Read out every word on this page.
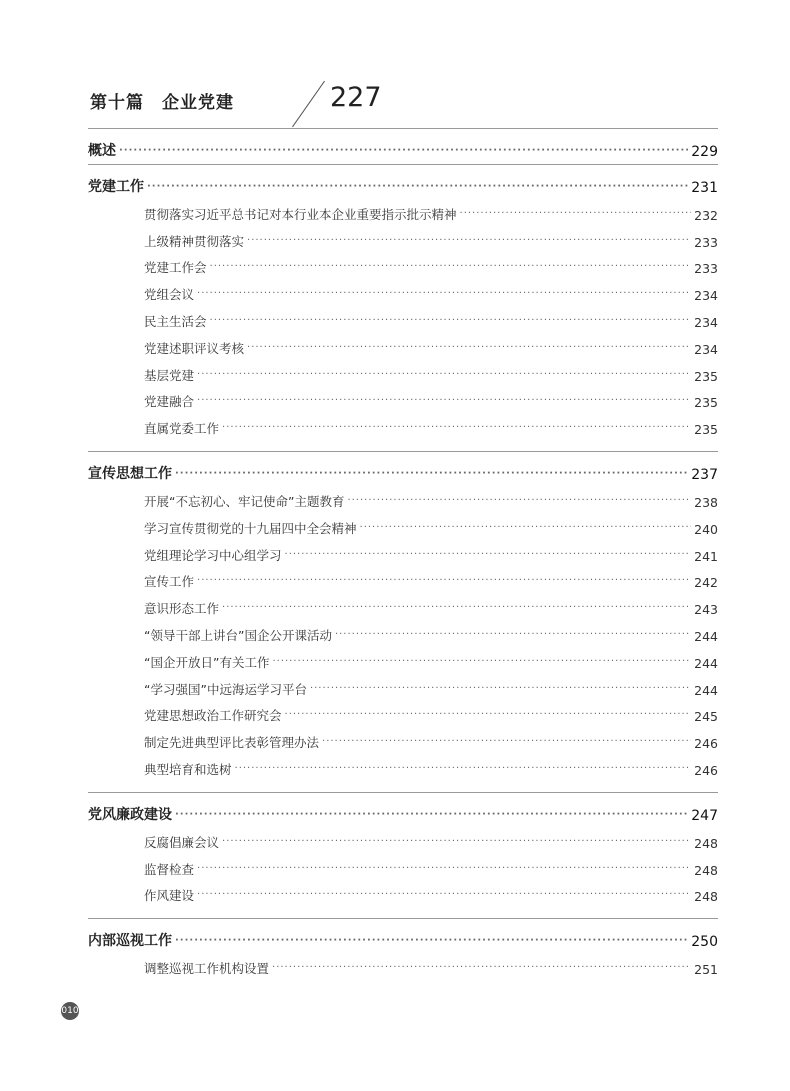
第十篇　企业党建	227
概述 ·····	229
党建工作 ·····	231
贯彻落实习近平总书记对本行业本企业重要指示批示精神 ·····	232
上级精神贯彻落实 ·····	233
党建工作会 ·····	233
党组会议 ·····	234
民主生活会 ·····	234
党建述职评议考核 ·····	234
基层党建 ·····	235
党建融合 ·····	235
直属党委工作 ·····	235
宣传思想工作 ·····	237
开展“不忘初心、牢记使命”主题教育 ·····	238
学习宣传贯彻党的十九届四中全会精神 ·····	240
党组理论学习中心组学习 ·····	241
宣传工作 ·····	242
意识形态工作 ·····	243
“领导干部上讲台”国企公开课活动 ·····	244
“国企开放日”有关工作 ·····	244
“学习强国”中远海运学习平台 ·····	244
党建思想政治工作研究会 ·····	245
制定先进典型评比表彰管理办法 ·····	246
典型培育和选树 ·····	246
党风廉政建设 ·····	247
反腐倡廉会议 ·····	248
监督检查 ·····	248
作风建设 ·····	248
内部巡视工作 ·····	250
调整巡视工作机构设置 ·····	251
010
